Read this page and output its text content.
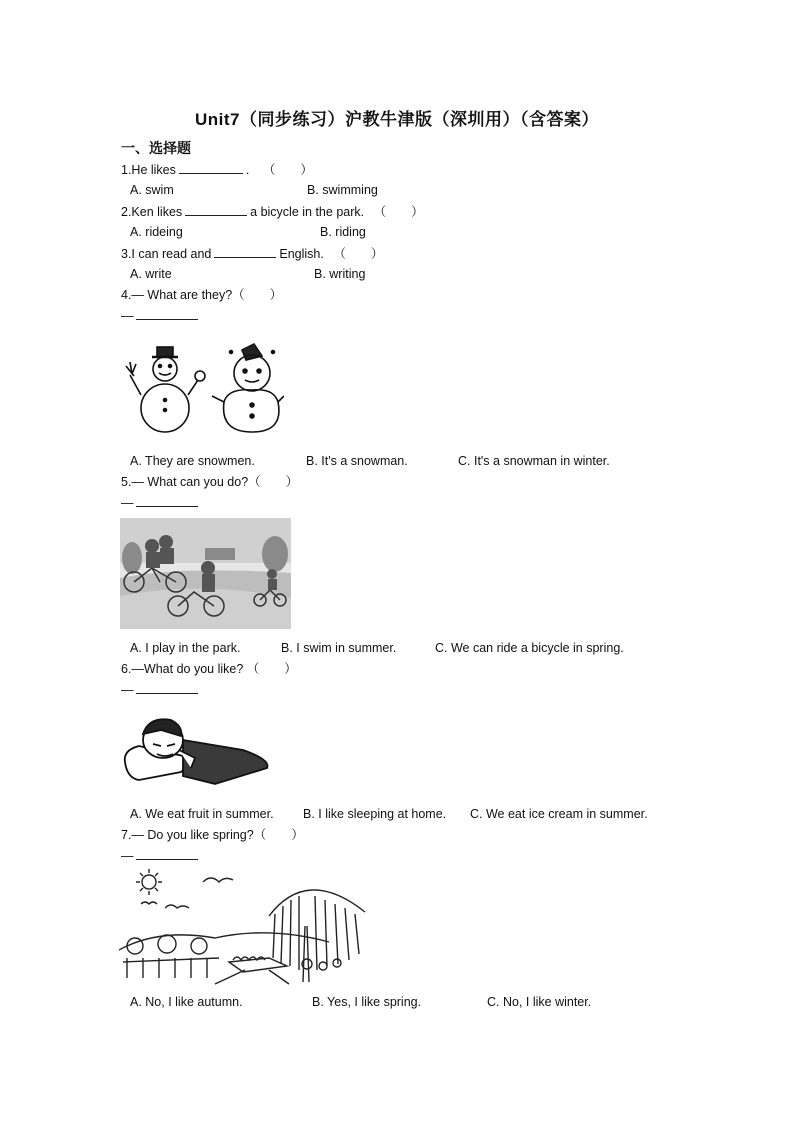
Unit7（同步练习）沪教牛津版（深圳用）（含答案）
一、选择题
1.He likes	. （　　）
A. swim	B. swimming
2.Ken likes	a bicycle in the park. （　　）
A. rideing	B. riding
3.I can read and	English. （　　）
A. write	B. writing
4.— What are they?（　　）
—
A. They are snowmen.	B. It's a snowman.	C. It's a snowman in winter.
5.— What can you do?（　　）
—
A. I play in the park.	B. I swim in summer.	C. We can ride a bicycle in spring.
6.—What do you like? （　　）
—
A. We eat fruit in summer. B. I like sleeping at home. C. We eat ice cream in summer.
7.— Do you like spring?（　　）
—
A. No, I like autumn.	B. Yes, I like spring.	C. No, I like winter.
